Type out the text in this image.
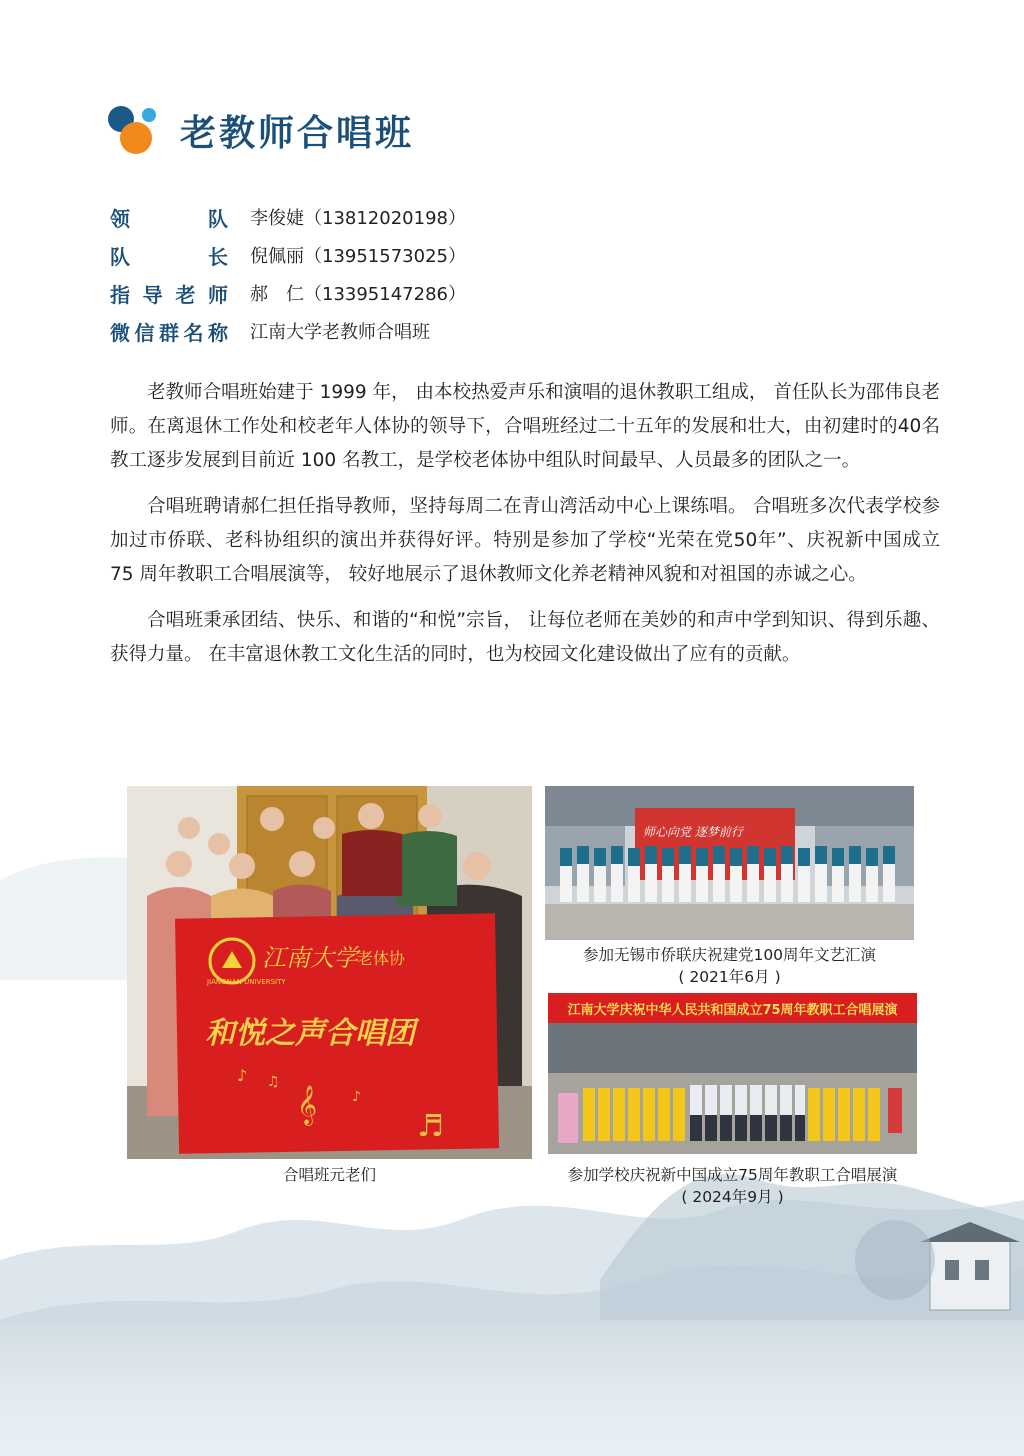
老教师合唱班
领	队 李俊婕（13812020198）
队	长 倪佩丽（13951573025）
指 导 老 师 郝　仁（13395147286）
微 信 群 名 称 江南大学老教师合唱班

老教师合唱班始建于 1999 年， 由本校热爱声乐和演唱的退休教职工组成， 首任队长为邵伟良老师。在离退休工作处和校老年人体协的领导下，合唱班经过二十五年的发展和壮大，由初建时的40名教工逐步发展到目前近 100 名教工，是学校老体协中组队时间最早、人员最多的团队之一。

合唱班聘请郝仁担任指导教师，坚持每周二在青山湾活动中心上课练唱。 合唱班多次代表学校参加过市侨联、老科协组织的演出并获得好评。特别是参加了学校“光荣在党50年”、庆祝新中国成立 75 周年教职工合唱展演等， 较好地展示了退休教师文化养老精神风貌和对祖国的赤诚之心。

合唱班秉承团结、快乐、和谐的“和悦”宗旨， 让每位老师在美妙的和声中学到知识、得到乐趣、获得力量。 在丰富退休教工文化生活的同时，也为校园文化建设做出了应有的贡献。

江南大学 老体协
JIANGNAN UNIVERSITY
和悦之声合唱团
♪ ♫
𝄞 ♪
♬
合唱班元老们
师心向党 逐梦前行
参加无锡市侨联庆祝建党100周年文艺汇演
( 2021年6月 )
江南大学庆祝中华人民共和国成立75周年教职工合唱展演
参加学校庆祝新中国成立75周年教职工合唱展演
( 2024年9月 )
